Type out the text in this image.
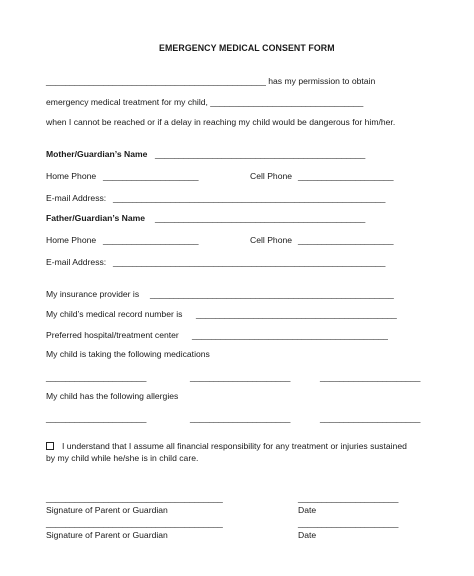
EMERGENCY MEDICAL CONSENT FORM
______________________________________________ has my permission to obtain
emergency medical treatment for my child, ________________________________
when I cannot be reached or if a delay in reaching my child would be dangerous for him/her.
Mother/Guardian’s Name ____________________________________________
Home Phone ____________________	Cell Phone ____________________
E-mail Address: _________________________________________________________
Father/Guardian’s Name ____________________________________________
Home Phone ____________________	Cell Phone ____________________
E-mail Address: _________________________________________________________
My insurance provider is ___________________________________________________
My child’s medical record number is __________________________________________
Preferred hospital/treatment center _________________________________________
My child is taking the following medications
_____________________	_____________________	_____________________
My child has the following allergies
_____________________	_____________________	_____________________
I understand that I assume all financial responsibility for any treatment or injuries sustained
by my child while he/she is in child care.
_____________________________________	_____________________
Signature of Parent or Guardian	Date
_____________________________________	_____________________
Signature of Parent or Guardian	Date
